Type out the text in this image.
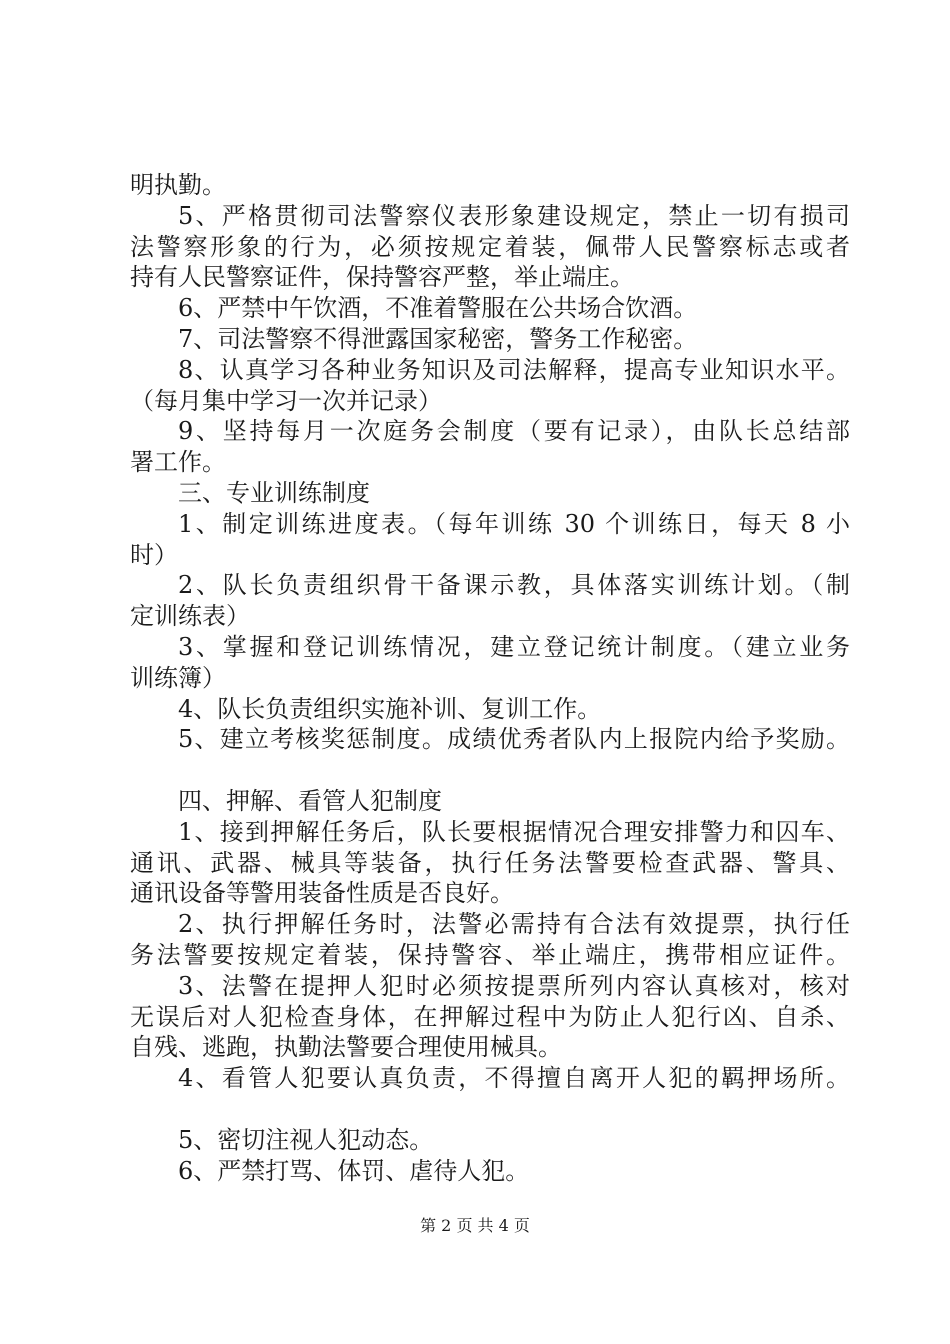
明执勤。
5、严格贯彻司法警察仪表形象建设规定，禁止一切有损司
法警察形象的行为，必须按规定着装，佩带人民警察标志或者
持有人民警察证件，保持警容严整，举止端庄。
6、严禁中午饮酒，不准着警服在公共场合饮酒。
7、司法警察不得泄露国家秘密，警务工作秘密。
8、认真学习各种业务知识及司法解释，提高专业知识水平。
（每月集中学习一次并记录）
9、坚持每月一次庭务会制度（要有记录），由队长总结部
署工作。
三、专业训练制度
1、制定训练进度表。（每年训练 30 个训练日，每天 8 小
时）
2、队长负责组织骨干备课示教，具体落实训练计划。（制
定训练表）
3、掌握和登记训练情况，建立登记统计制度。（建立业务
训练簿）
4、队长负责组织实施补训、复训工作。
5、建立考核奖惩制度。成绩优秀者队内上报院内给予奖励。
四、押解、看管人犯制度
1、接到押解任务后，队长要根据情况合理安排警力和囚车、
通讯、武器、械具等装备，执行任务法警要检查武器、警具、
通讯设备等警用装备性质是否良好。
2、执行押解任务时，法警必需持有合法有效提票，执行任
务法警要按规定着装，保持警容、举止端庄，携带相应证件。
3、法警在提押人犯时必须按提票所列内容认真核对，核对
无误后对人犯检查身体，在押解过程中为防止人犯行凶、自杀、
自残、逃跑，执勤法警要合理使用械具。
4、看管人犯要认真负责，不得擅自离开人犯的羁押场所。
5、密切注视人犯动态。
6、严禁打骂、体罚、虐待人犯。
第 2 页 共 4 页
